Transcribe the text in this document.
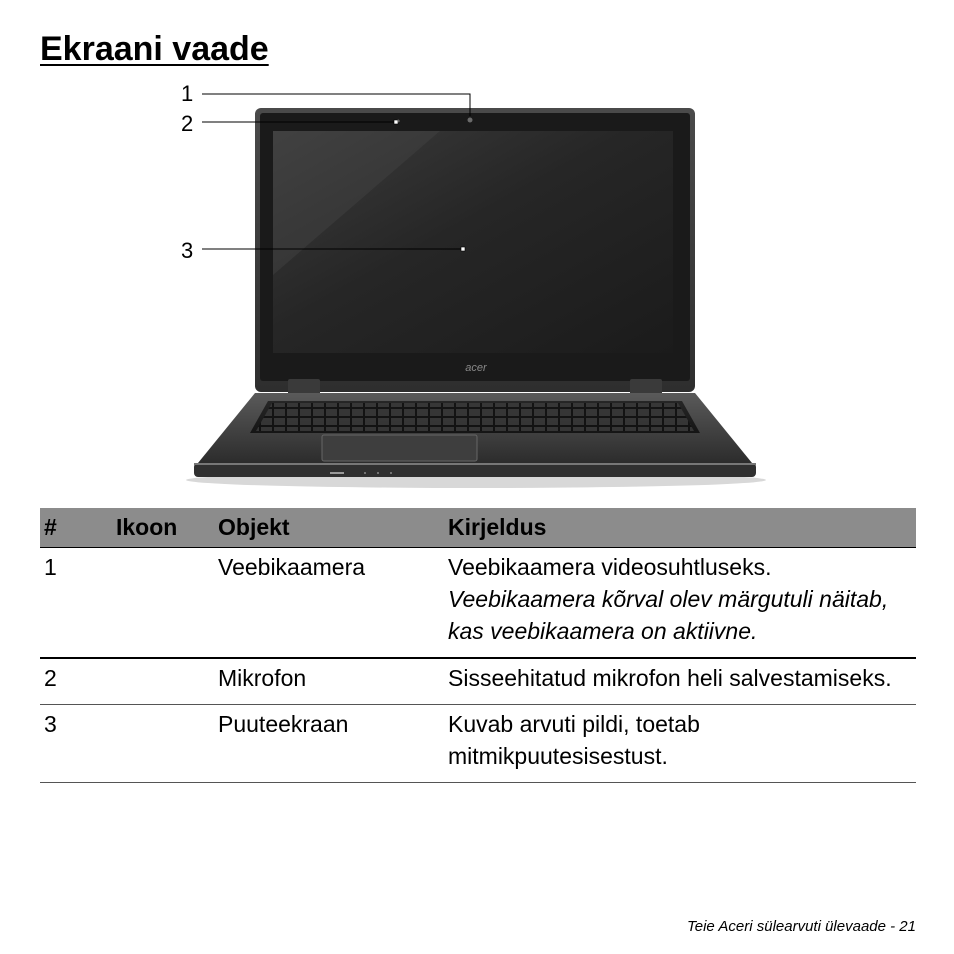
Ekraani vaade
1
2
3
acer
#	Ikoon	Objekt	Kirjeldus
1		Veebikaamera	Veebikaamera videosuhtluseks.
Veebikaamera kõrval olev märgutuli näitab, kas veebikaamera on aktiivne.

2		Mikrofon	Sisseehitatud mikrofon heli salvestamiseks.
3		Puuteekraan	Kuvab arvuti pildi, toetab mitmikpuutesisestust.
Teie Aceri sülearvuti ülevaade - 21
